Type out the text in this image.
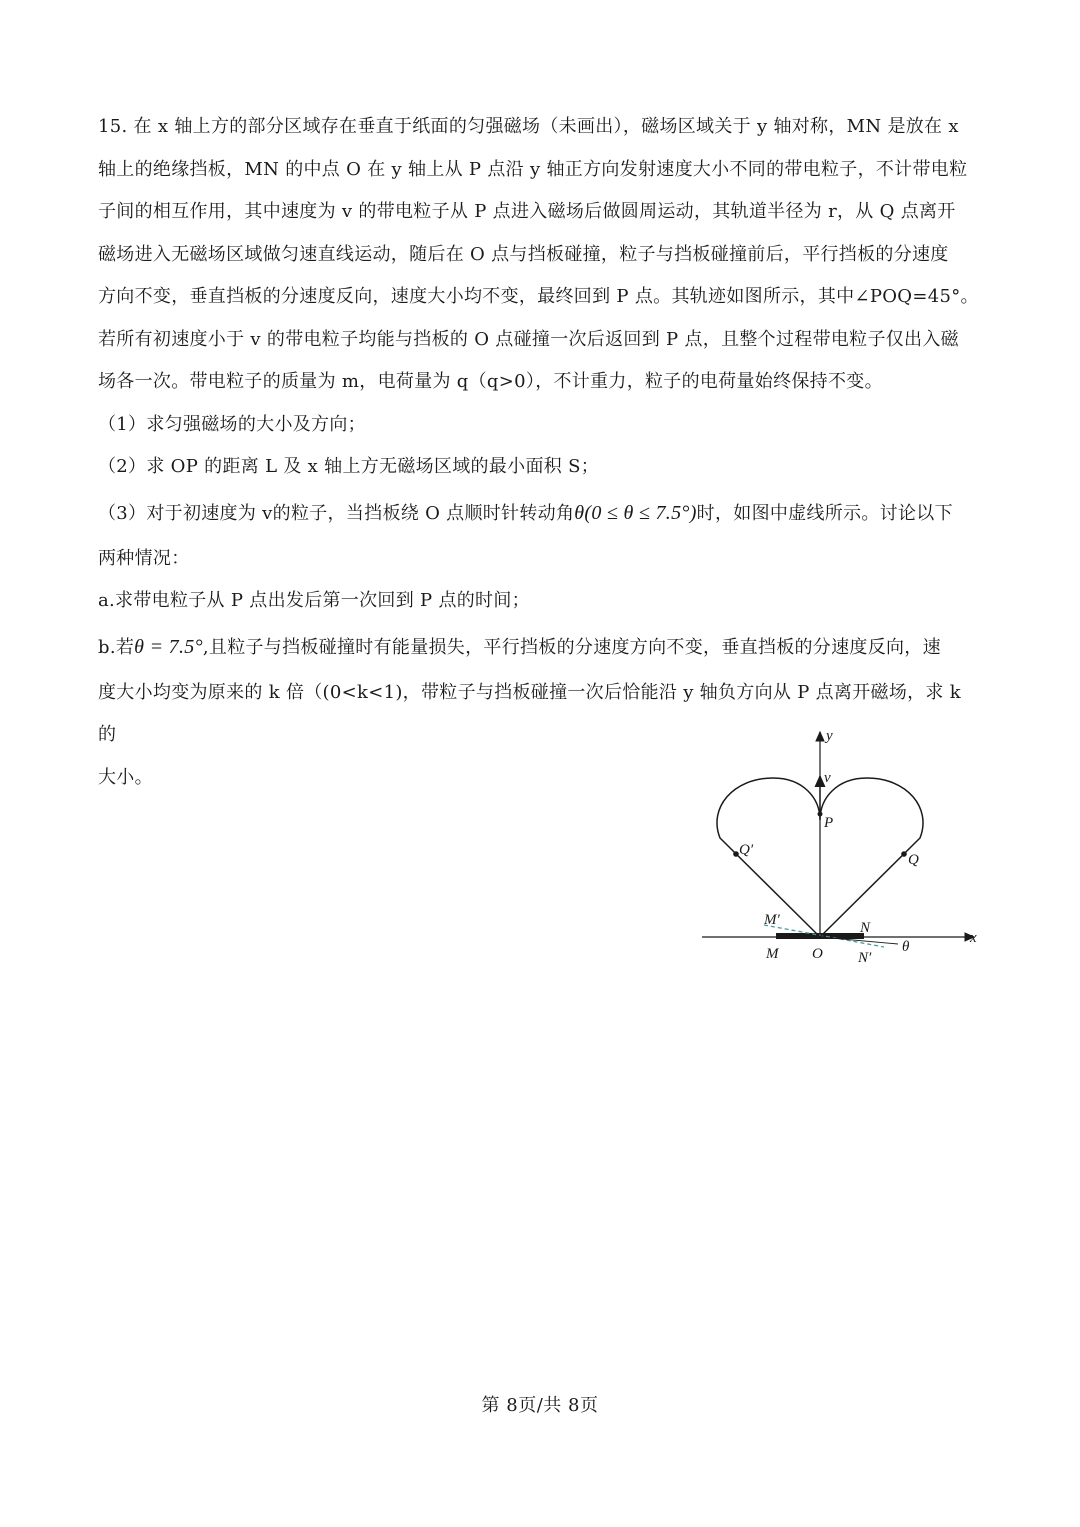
15. 在 x 轴上方的部分区域存在垂直于纸面的匀强磁场（未画出），磁场区域关于 y 轴对称，MN 是放在 x

轴上的绝缘挡板，MN 的中点 O 在 y 轴上从 P 点沿 y 轴正方向发射速度大小不同的带电粒子，不计带电粒

子间的相互作用，其中速度为 v 的带电粒子从 P 点进入磁场后做圆周运动，其轨道半径为 r，从 Q 点离开

磁场进入无磁场区域做匀速直线运动，随后在 O 点与挡板碰撞，粒子与挡板碰撞前后，平行挡板的分速度

方向不变，垂直挡板的分速度反向，速度大小均不变，最终回到 P 点。其轨迹如图所示，其中∠POQ=45°。

若所有初速度小于 v 的带电粒子均能与挡板的 O 点碰撞一次后返回到 P 点，且整个过程带电粒子仅出入磁

场各一次。带电粒子的质量为 m，电荷量为 q（q>0），不计重力，粒子的电荷量始终保持不变。

（1）求匀强磁场的大小及方向；

（2）求 OP 的距离 L 及 x 轴上方无磁场区域的最小面积 S；

（3）对于初速度为 v的粒子，当挡板绕 O 点顺时针转动角θ(0 ≤ θ ≤ 7.5°)时，如图中虚线所示。讨论以下

两种情况：

a.求带电粒子从 P 点出发后第一次回到 P 点的时间；

b.若θ = 7.5°,且粒子与挡板碰撞时有能量损失，平行挡板的分速度方向不变，垂直挡板的分速度反向，速

度大小均变为原来的 k 倍（(0<k<1)，带粒子与挡板碰撞一次后恰能沿 y 轴负方向从 P 点离开磁场，求 k 的

大小。

y
x
v
P
Q
Q′
M′	N
M O N′
θ
第 8页/共 8页
